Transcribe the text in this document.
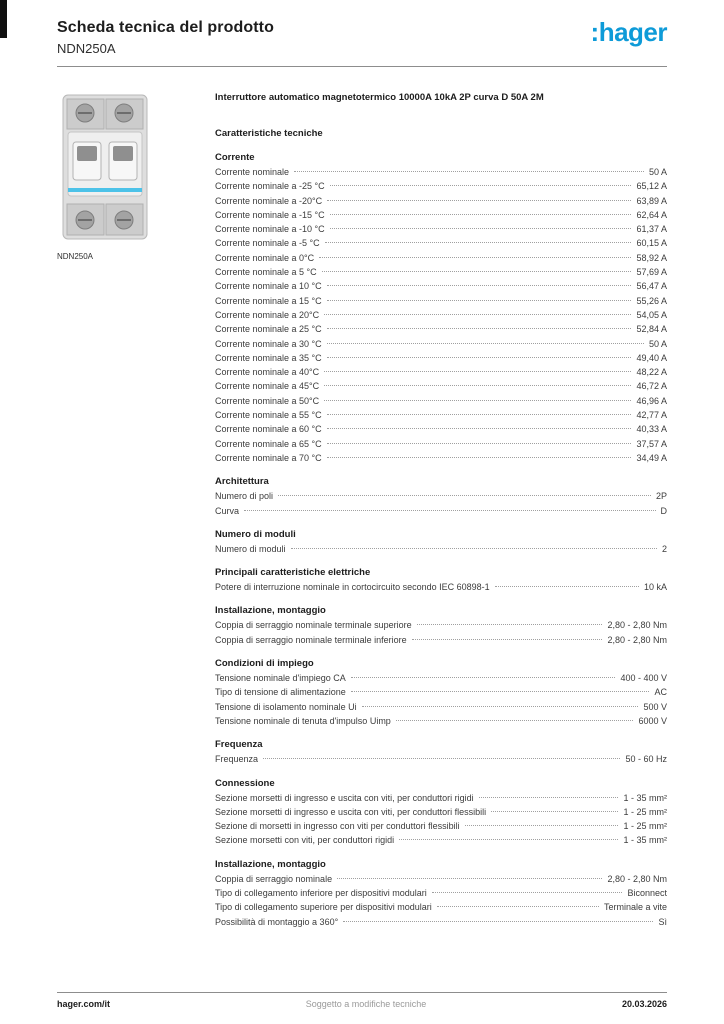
Scheda tecnica del prodotto
NDN250A
:hager
NDN250A
Interruttore automatico magnetotermico 10000A 10kA 2P curva D 50A 2M
Caratteristiche tecniche
Corrente
Corrente nominale	50 A
Corrente nominale a -25 °C	65,12 A
Corrente nominale a -20°C	63,89 A
Corrente nominale a -15 °C	62,64 A
Corrente nominale a -10 °C	61,37 A
Corrente nominale a -5 °C	60,15 A
Corrente nominale a 0°C	58,92 A
Corrente nominale a 5 °C	57,69 A
Corrente nominale a 10 °C	56,47 A
Corrente nominale a 15 °C	55,26 A
Corrente nominale a 20°C	54,05 A
Corrente nominale a 25 °C	52,84 A
Corrente nominale a 30 °C	50 A
Corrente nominale a 35 °C	49,40 A
Corrente nominale a 40°C	48,22 A
Corrente nominale a 45°C	46,72 A
Corrente nominale a 50°C	46,96 A
Corrente nominale a 55 °C	42,77 A
Corrente nominale a 60 °C	40,33 A
Corrente nominale a 65 °C	37,57 A
Corrente nominale a 70 °C	34,49 A
Architettura
Numero di poli	2P
Curva	D
Numero di moduli
Numero di moduli	2
Principali caratteristiche elettriche
Potere di interruzione nominale in cortocircuito secondo IEC 60898-1	10 kA
Installazione, montaggio
Coppia di serraggio nominale terminale superiore	2,80 - 2,80 Nm
Coppia di serraggio nominale terminale inferiore	2,80 - 2,80 Nm
Condizioni di impiego
Tensione nominale d'impiego CA	400 - 400 V
Tipo di tensione di alimentazione	AC
Tensione di isolamento nominale Ui	500 V
Tensione nominale di tenuta d'impulso Uimp	6000 V
Frequenza
Frequenza	50 - 60 Hz
Connessione
Sezione morsetti di ingresso e uscita con viti, per conduttori rigidi	1 - 35 mm²
Sezione morsetti di ingresso e uscita con viti, per conduttori flessibili	1 - 25 mm²
Sezione di morsetti in ingresso con viti per conduttori flessibili	1 - 25 mm²
Sezione morsetti con viti, per conduttori rigidi	1 - 35 mm²
Installazione, montaggio
Coppia di serraggio nominale	2,80 - 2,80 Nm
Tipo di collegamento inferiore per dispositivi modulari	Biconnect
Tipo di collegamento superiore per dispositivi modulari	Terminale a vite
Possibilità di montaggio a 360°	Sì
hager.com/it	Soggetto a modifiche tecniche	20.03.2026
